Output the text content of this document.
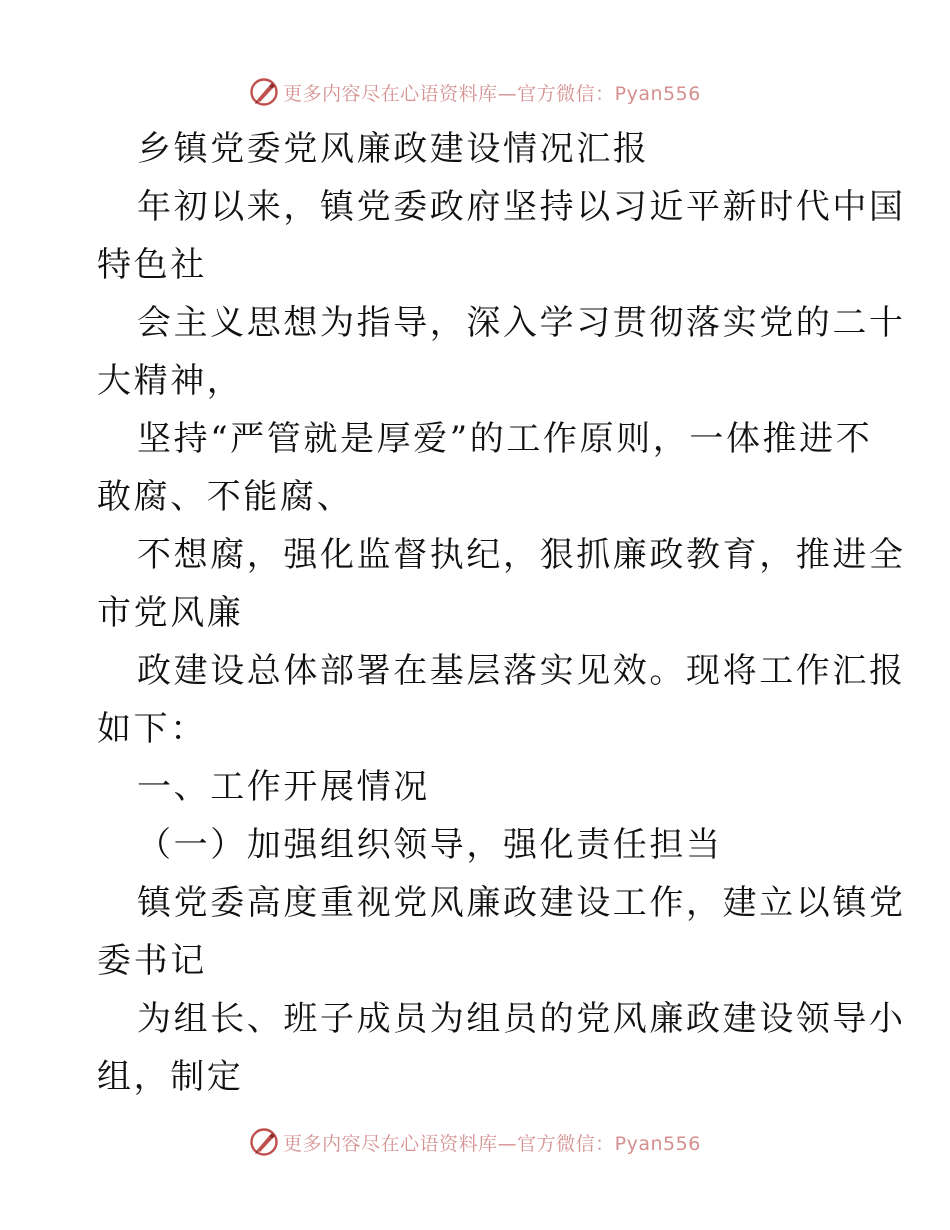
更多内容尽在心语资料库—官方微信：Pyan556

乡镇党委党风廉政建设情况汇报

年初以来，镇党委政府坚持以习近平新时代中国

特色社

会主义思想为指导，深入学习贯彻落实党的二十

大精神，

坚持“严管就是厚爱”的工作原则，一体推进不

敢腐、不能腐、

不想腐，强化监督执纪，狠抓廉政教育，推进全

市党风廉

政建设总体部署在基层落实见效。现将工作汇报

如下：

一、工作开展情况

（一）加强组织领导，强化责任担当

镇党委高度重视党风廉政建设工作，建立以镇党

委书记

为组长、班子成员为组员的党风廉政建设领导小

组，制定

更多内容尽在心语资料库—官方微信：Pyan556
